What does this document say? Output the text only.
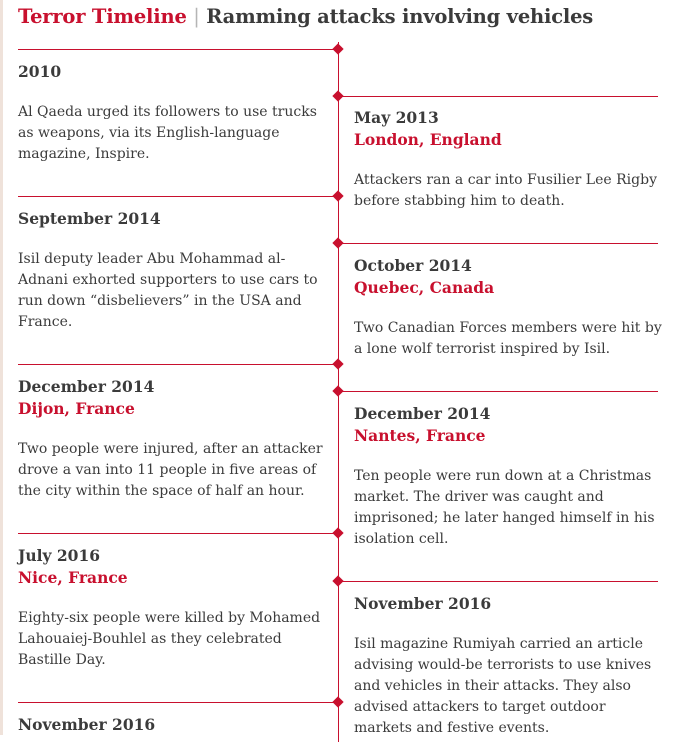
Terror Timeline | Ramming attacks involving vehicles
2010
Al Qaeda urged its followers to use trucks as weapons, via its English-language magazine, Inspire.
May 2013
London, England
Attackers ran a car into Fusilier Lee Rigby before stabbing him to death.
September 2014
Isil deputy leader Abu Mohammad al-Adnani exhorted supporters to use cars to run down “disbelievers” in the USA and France.
October 2014
Quebec, Canada
Two Canadian Forces members were hit by a lone wolf terrorist inspired by Isil.
December 2014
Dijon, France
Two people were injured, after an attacker drove a van into 11 people in five areas of the city within the space of half an hour.
December 2014
Nantes, France
Ten people were run down at a Christmas market. The driver was caught and imprisoned; he later hanged himself in his isolation cell.
July 2016
Nice, France
Eighty-six people were killed by Mohamed Lahouaiej-Bouhlel as they celebrated Bastille Day.
November 2016
Isil magazine Rumiyah carried an article advising would-be terrorists to use knives and vehicles in their attacks. They also advised attackers to target outdoor markets and festive events.
November 2016
